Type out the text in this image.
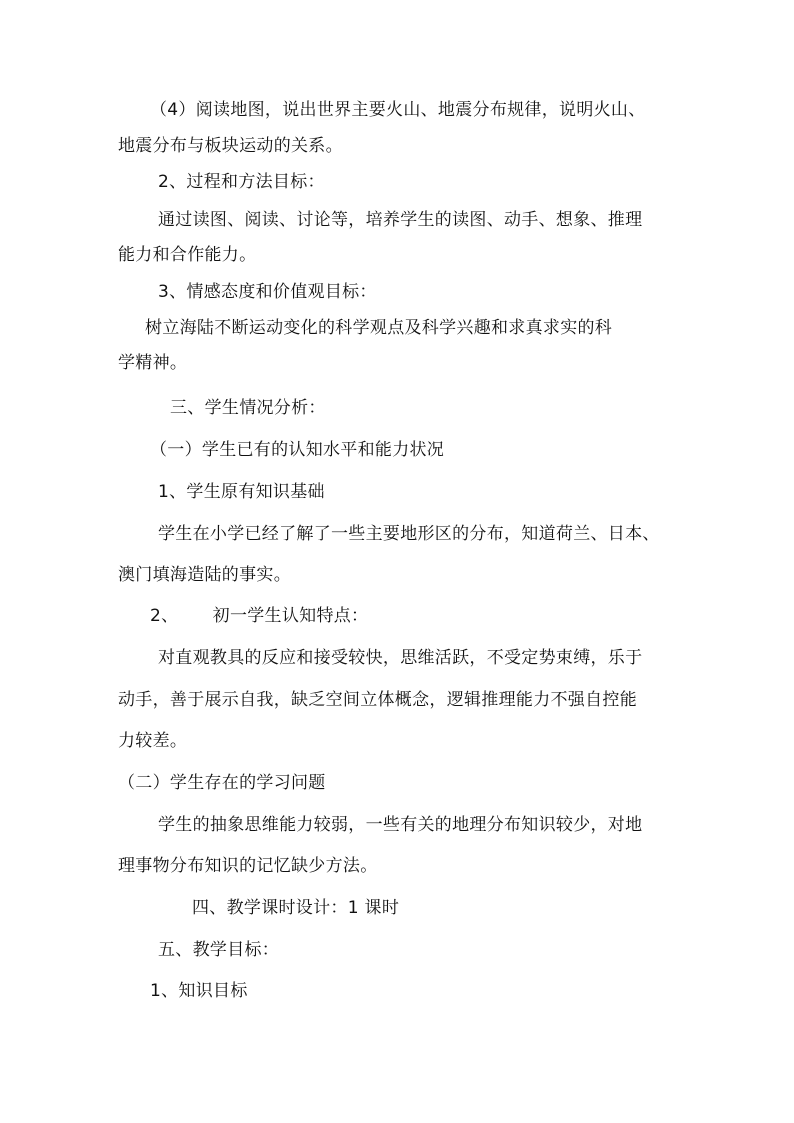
（4）阅读地图，说出世界主要火山、地震分布规律，说明火山、
地震分布与板块运动的关系。
2、过程和方法目标：
通过读图、阅读、讨论等，培养学生的读图、动手、想象、推理
能力和合作能力。
3、情感态度和价值观目标：
树立海陆不断运动变化的科学观点及科学兴趣和求真求实的科
学精神。
三、学生情况分析：
（一）学生已有的认知水平和能力状况
1、学生原有知识基础
学生在小学已经了解了一些主要地形区的分布，知道荷兰、日本、
澳门填海造陆的事实。
2、      初一学生认知特点：
对直观教具的反应和接受较快，思维活跃，不受定势束缚，乐于
动手，善于展示自我，缺乏空间立体概念，逻辑推理能力不强自控能
力较差。
（二）学生存在的学习问题
学生的抽象思维能力较弱，一些有关的地理分布知识较少，对地
理事物分布知识的记忆缺少方法。
四、教学课时设计：1 课时
五、教学目标：
1、知识目标
